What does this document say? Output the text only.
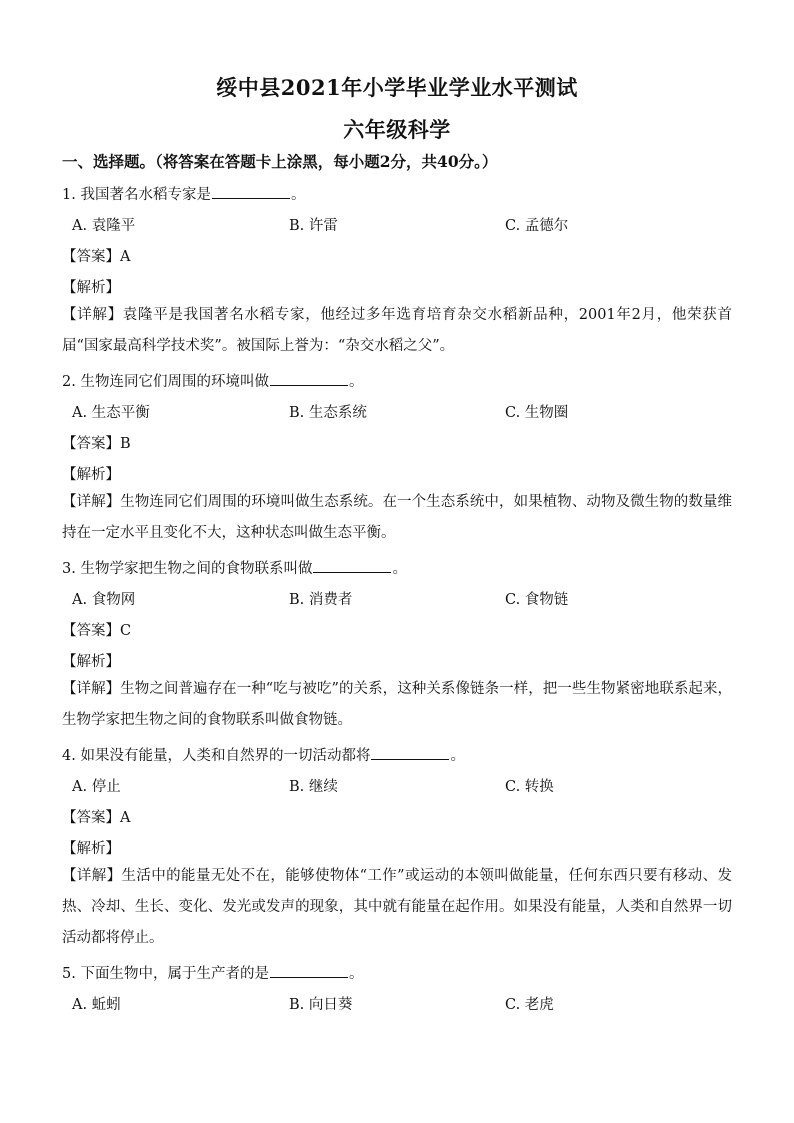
绥中县2021年小学毕业学业水平测试
六年级科学
一、选择题。（将答案在答题卡上涂黑，每小题2分，共40分。）
1. 我国著名水稻专家是	。
A. 袁隆平	B. 许雷	C. 孟德尔
【答案】A
【解析】
【详解】袁隆平是我国著名水稻专家，他经过多年选育培育杂交水稻新品种，2001年2月，他荣获首届“国家最高科学技术奖”。被国际上誉为：“杂交水稻之父”。
2. 生物连同它们周围的环境叫做	。
A. 生态平衡	B. 生态系统	C. 生物圈
【答案】B
【解析】
【详解】生物连同它们周围的环境叫做生态系统。在一个生态系统中，如果植物、动物及微生物的数量维持在一定水平且变化不大，这种状态叫做生态平衡。
3. 生物学家把生物之间的食物联系叫做	。
A. 食物网	B. 消费者	C. 食物链
【答案】C
【解析】
【详解】生物之间普遍存在一种“吃与被吃”的关系，这种关系像链条一样，把一些生物紧密地联系起来，生物学家把生物之间的食物联系叫做食物链。
4. 如果没有能量，人类和自然界的一切活动都将	。
A. 停止	B. 继续	C. 转换
【答案】A
【解析】
【详解】生活中的能量无处不在，能够使物体“工作”或运动的本领叫做能量，任何东西只要有移动、发热、冷却、生长、变化、发光或发声的现象，其中就有能量在起作用。如果没有能量，人类和自然界一切活动都将停止。
5. 下面生物中，属于生产者的是	。
A. 蚯蚓	B. 向日葵	C. 老虎
